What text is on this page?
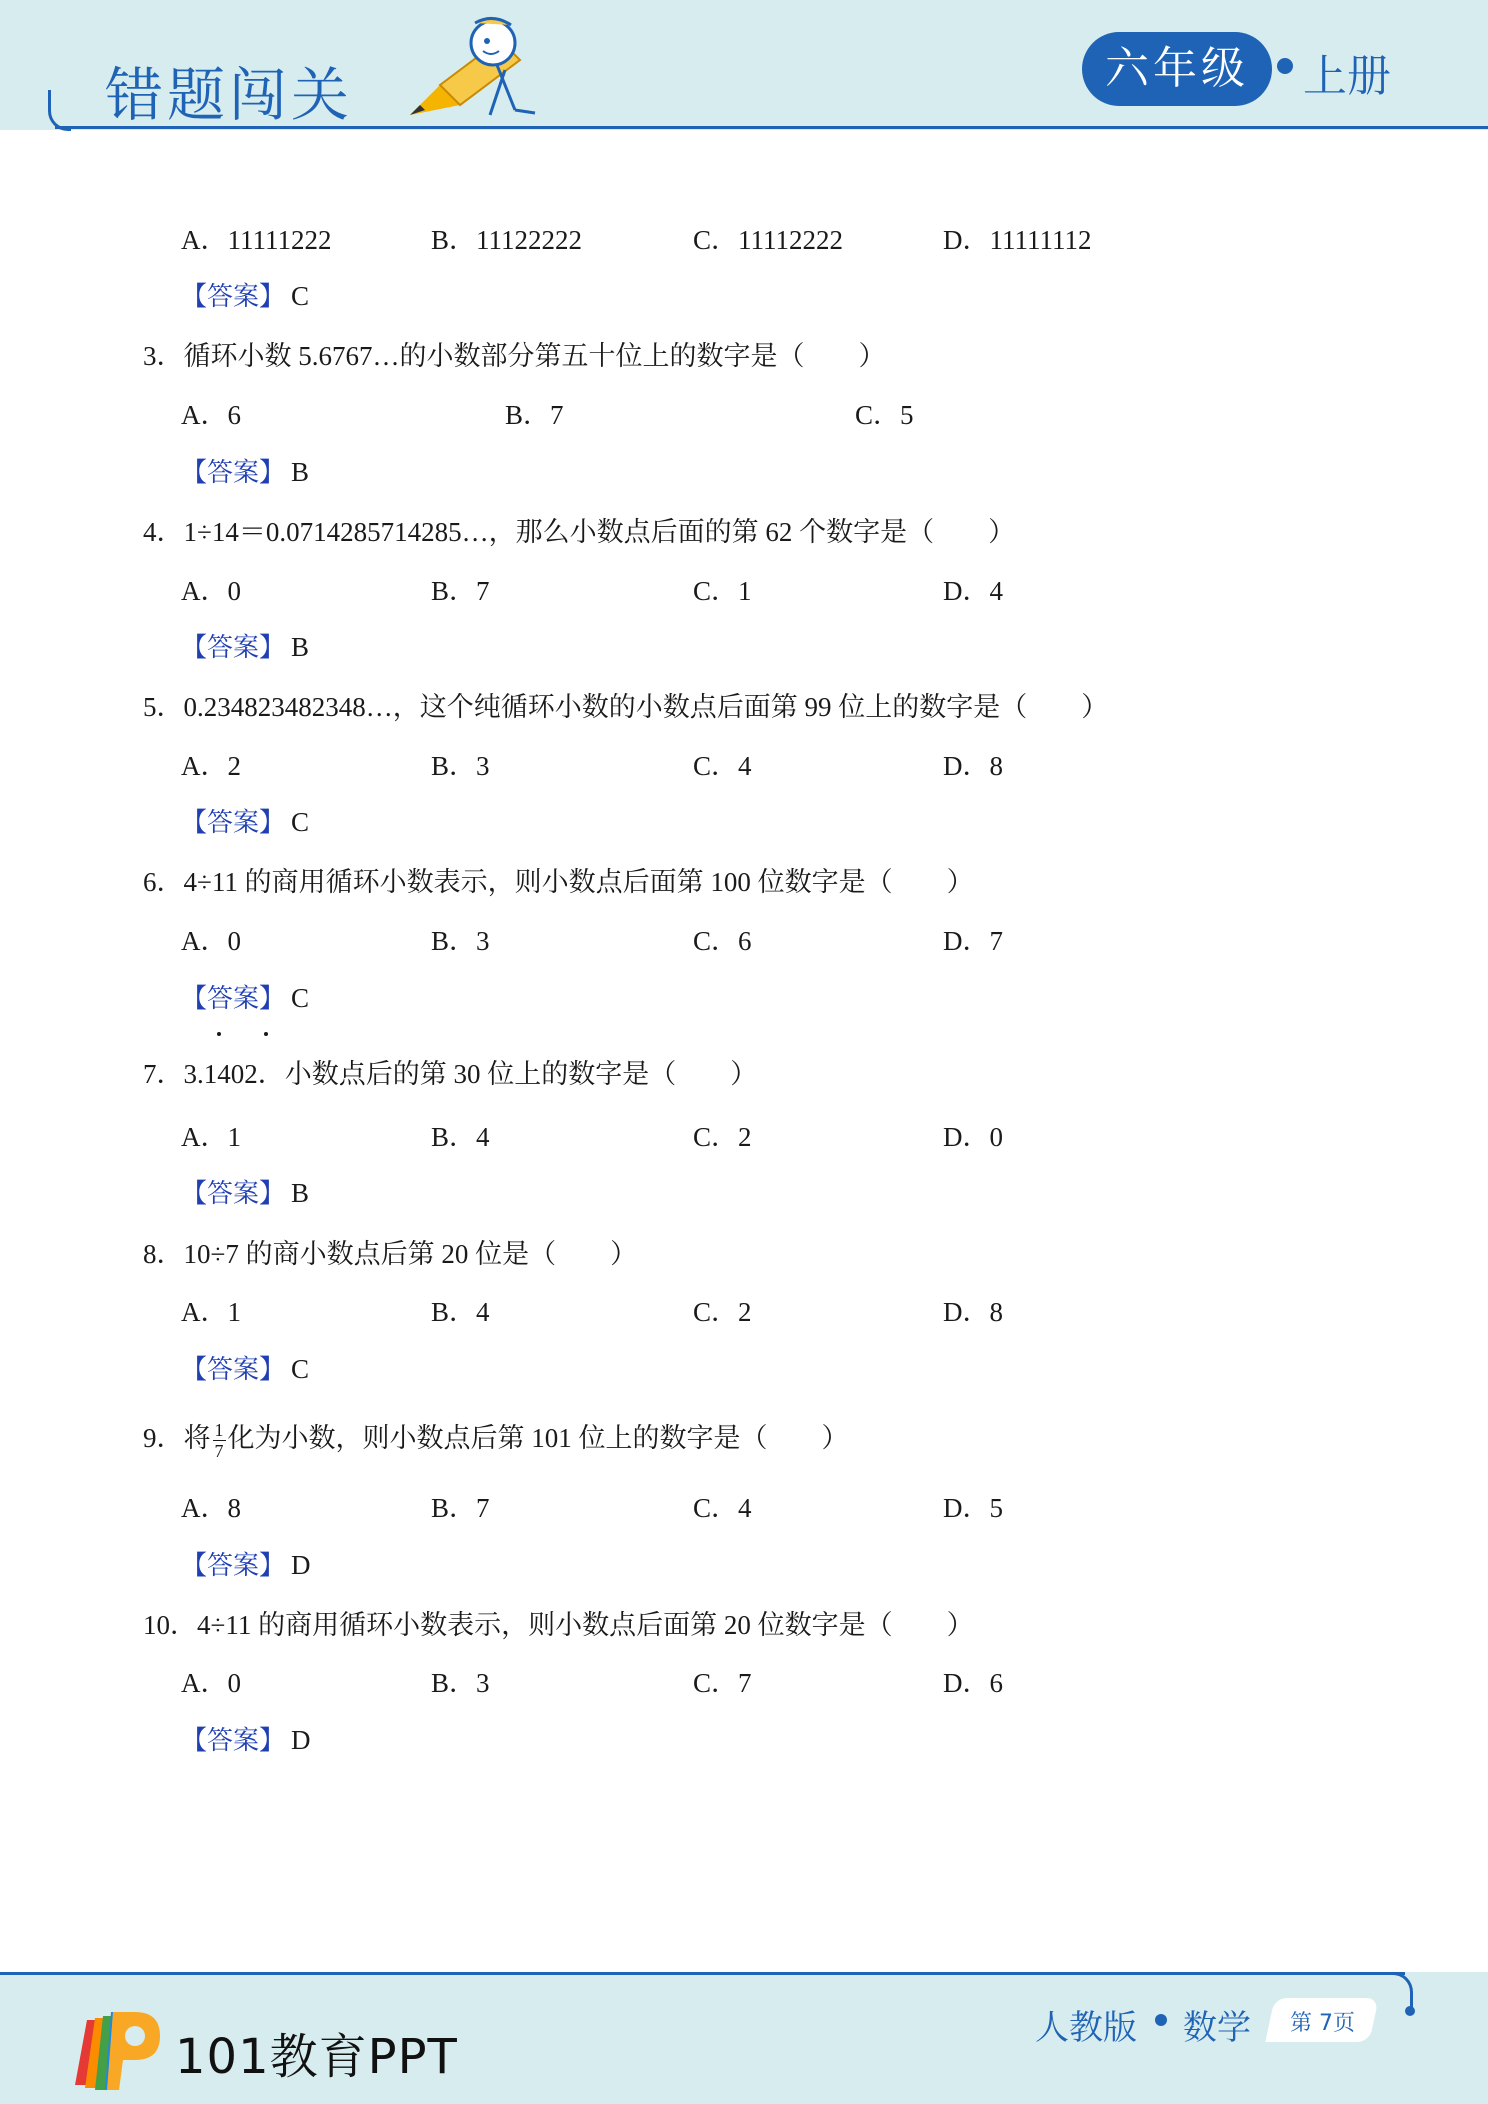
错题闯关	六年级	上册
A．11111222	B．11122222	C．11112222	D．11111112
【答案】 C
3．循环小数 5.6767…的小数部分第五十位上的数字是（　　）
A．6	B．7	C．5
【答案】 B
4．1÷14＝0.0714285714285…，那么小数点后面的第 62 个数字是（　　）
A．0	B．7	C．1	D．4
【答案】 B
5．0.234823482348…，这个纯循环小数的小数点后面第 99 位上的数字是（　　）
A．2	B．3	C．4	D．8
【答案】 C
6．4÷11 的商用循环小数表示，则小数点后面第 100 位数字是（　　）
A．0	B．3	C．6	D．7
【答案】 C
7．3.1402．小数点后的第 30 位上的数字是（　　）
A．1	B．4	C．2	D．0
【答案】 B
8．10÷7 的商小数点后第 20 位是（　　）
A．1	B．4	C．2	D．8
【答案】 C
9．将 $\frac{1}{7}$ 化为小数，则小数点后第 101 位上的数字是（　　）
A．8	B．7	C．4	D．5
【答案】 D
10．4÷11 的商用循环小数表示，则小数点后面第 20 位数字是（　　）
A．0	B．3	C．7	D．6
【答案】 D
101教育PPT
人教版 数学 第 7页
